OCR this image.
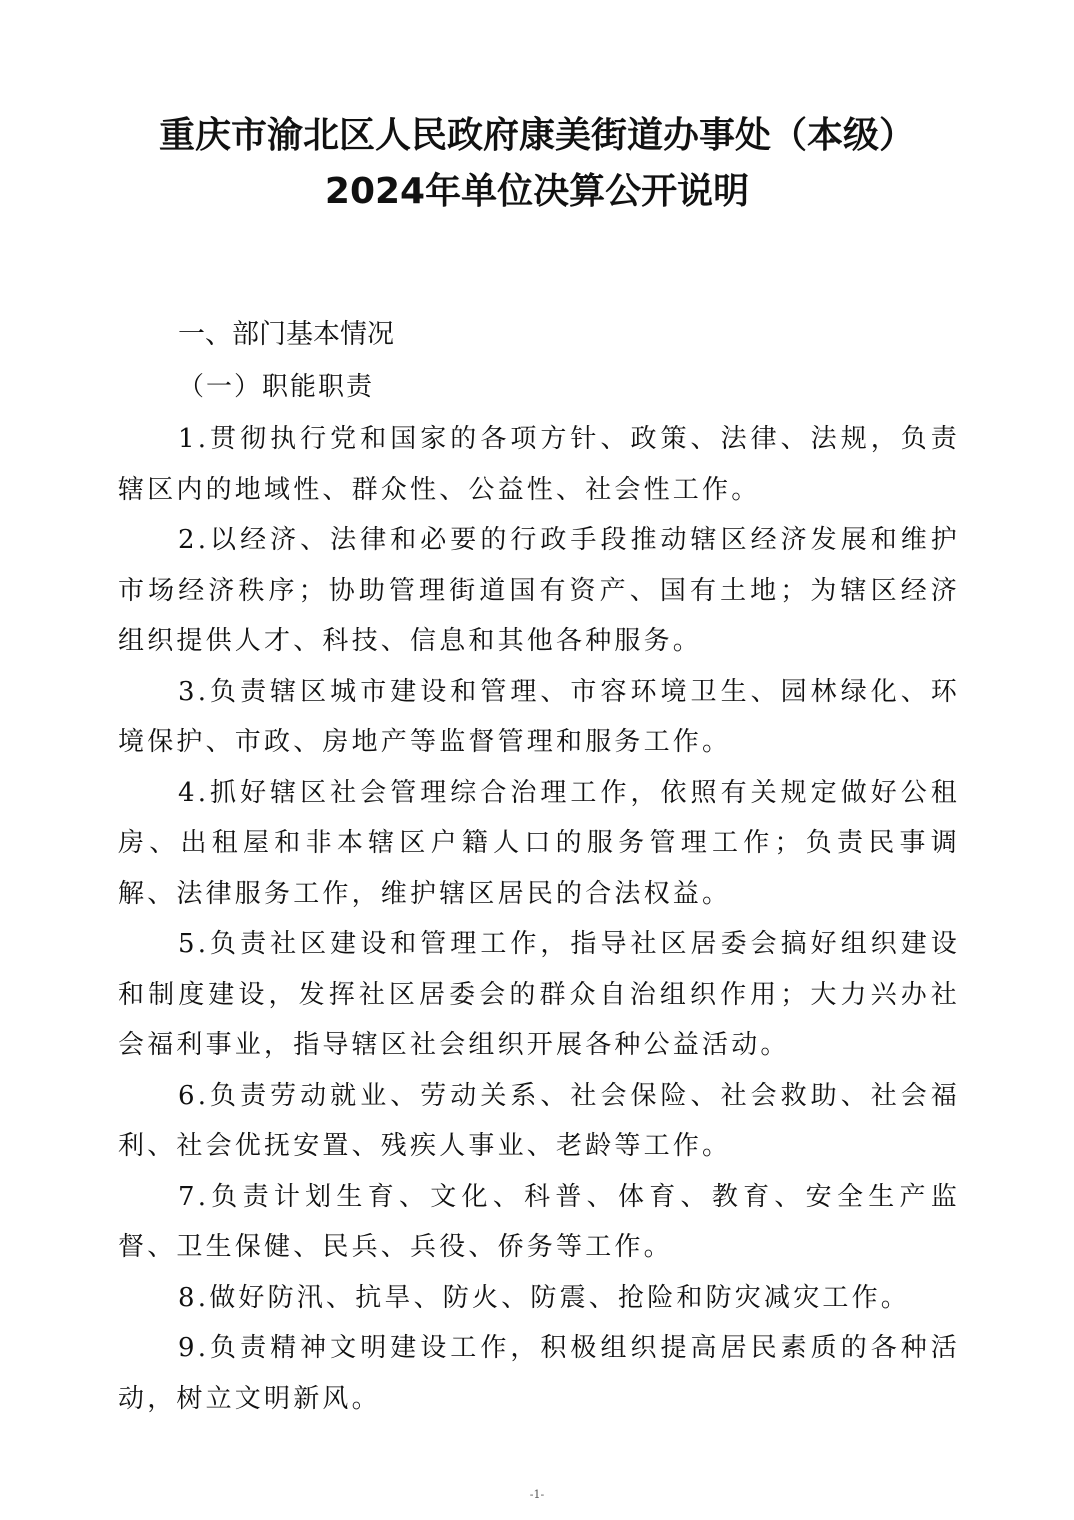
重庆市渝北区人民政府康美街道办事处（本级）
2024年单位决算公开说明
一、部门基本情况
（一）职能职责

1.贯彻执行党和国家的各项方针、政策、法律、法规，负责辖区内的地域性、群众性、公益性、社会性工作。

2.以经济、法律和必要的行政手段推动辖区经济发展和维护市场经济秩序；协助管理街道国有资产、国有土地；为辖区经济组织提供人才、科技、信息和其他各种服务。

3.负责辖区城市建设和管理、市容环境卫生、园林绿化、环境保护、市政、房地产等监督管理和服务工作。

4.抓好辖区社会管理综合治理工作，依照有关规定做好公租房、出租屋和非本辖区户籍人口的服务管理工作；负责民事调解、法律服务工作，维护辖区居民的合法权益。

5.负责社区建设和管理工作，指导社区居委会搞好组织建设和制度建设，发挥社区居委会的群众自治组织作用；大力兴办社会福利事业，指导辖区社会组织开展各种公益活动。

6.负责劳动就业、劳动关系、社会保险、社会救助、社会福利、社会优抚安置、残疾人事业、老龄等工作。

7.负责计划生育、文化、科普、体育、教育、安全生产监督、卫生保健、民兵、兵役、侨务等工作。

8.做好防汛、抗旱、防火、防震、抢险和防灾减灾工作。

9.负责精神文明建设工作，积极组织提高居民素质的各种活动，树立文明新风。

-1-
